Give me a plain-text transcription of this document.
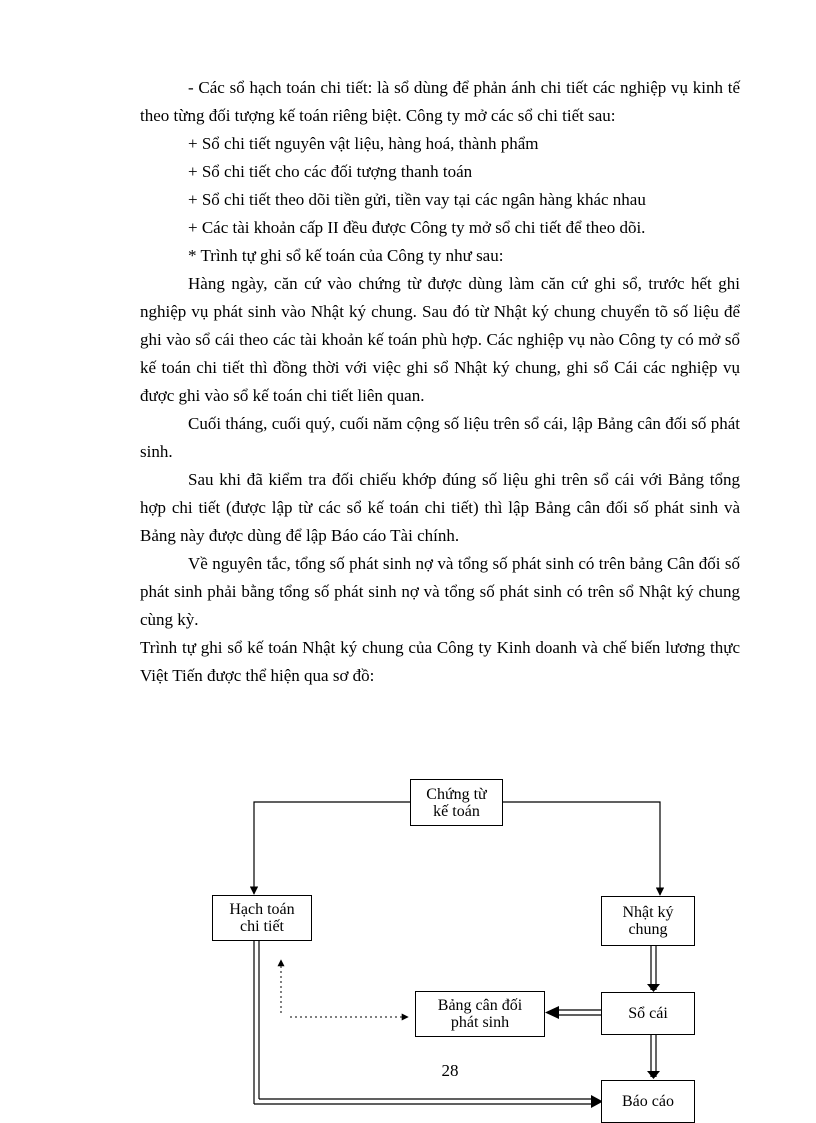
- Các sổ hạch toán chi tiết: là sổ dùng để phản ánh chi tiết các nghiệp vụ kinh tế theo từng đối tượng kế toán riêng biệt. Công ty mở các sổ chi tiết sau:

+ Sổ chi tiết nguyên vật liệu, hàng hoá, thành phẩm

+ Sổ chi tiết cho các đối tượng thanh toán

+ Sổ chi tiết theo dõi tiền gửi, tiền vay tại các ngân hàng khác nhau

+ Các tài khoản cấp II đều được Công ty mở sổ chi tiết để theo dõi.

* Trình tự ghi sổ kế toán của Công ty như sau:

Hàng ngày, căn cứ vào chứng từ được dùng làm căn cứ ghi sổ, trước hết ghi nghiệp vụ phát sinh vào Nhật ký chung. Sau đó từ Nhật ký chung chuyển tõ số liệu để ghi vào sổ cái theo các tài khoản kế toán phù hợp. Các nghiệp vụ nào Công ty có mở sổ kế toán chi tiết thì đồng thời với việc ghi sổ Nhật ký chung, ghi sổ Cái các nghiệp vụ được ghi vào sổ kế toán chi tiết liên quan.

Cuối tháng, cuối quý, cuối năm cộng số liệu trên sổ cái, lập Bảng cân đối số phát sinh.

Sau khi đã kiểm tra đối chiếu khớp đúng số liệu ghi trên sổ cái với Bảng tổng hợp chi tiết (được lập từ các sổ kế toán chi tiết) thì lập Bảng cân đối số phát sinh và Bảng này được dùng để lập Báo cáo Tài chính.

Về nguyên tắc, tổng số phát sinh nợ và tổng số phát sinh có trên bảng Cân đối số phát sinh phải bằng tổng số phát sinh nợ và tổng số phát sinh có trên sổ Nhật ký chung cùng kỳ.

Trình tự ghi sổ kế toán Nhật ký chung của Công ty Kinh doanh và chế biến lương thực Việt Tiến được thể hiện qua sơ đồ:

Chứng từ
kế toán
Hạch toán
chi tiết
Nhật ký
chung
Sổ cái
Bảng cân đối
phát sinh
Báo cáo
28
